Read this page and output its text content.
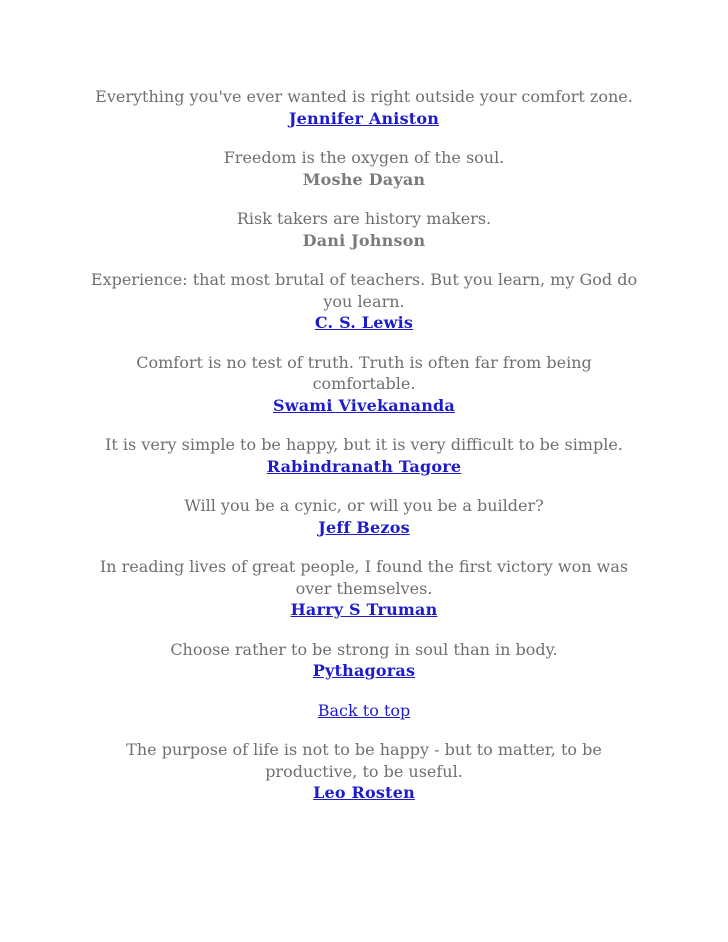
Everything you've ever wanted is right outside your comfort zone.

Jennifer Aniston

Freedom is the oxygen of the soul.

Moshe Dayan

Risk takers are history makers.

Dani Johnson

Experience: that most brutal of teachers. But you learn, my God do you learn.

C. S. Lewis

Comfort is no test of truth. Truth is often far from being comfortable.

Swami Vivekananda

It is very simple to be happy, but it is very difficult to be simple.

Rabindranath Tagore

Will you be a cynic, or will you be a builder?

Jeff Bezos

In reading lives of great people, I found the first victory won was over themselves.

Harry S Truman

Choose rather to be strong in soul than in body.

Pythagoras

Back to top

The purpose of life is not to be happy - but to matter, to be productive, to be useful.

Leo Rosten
